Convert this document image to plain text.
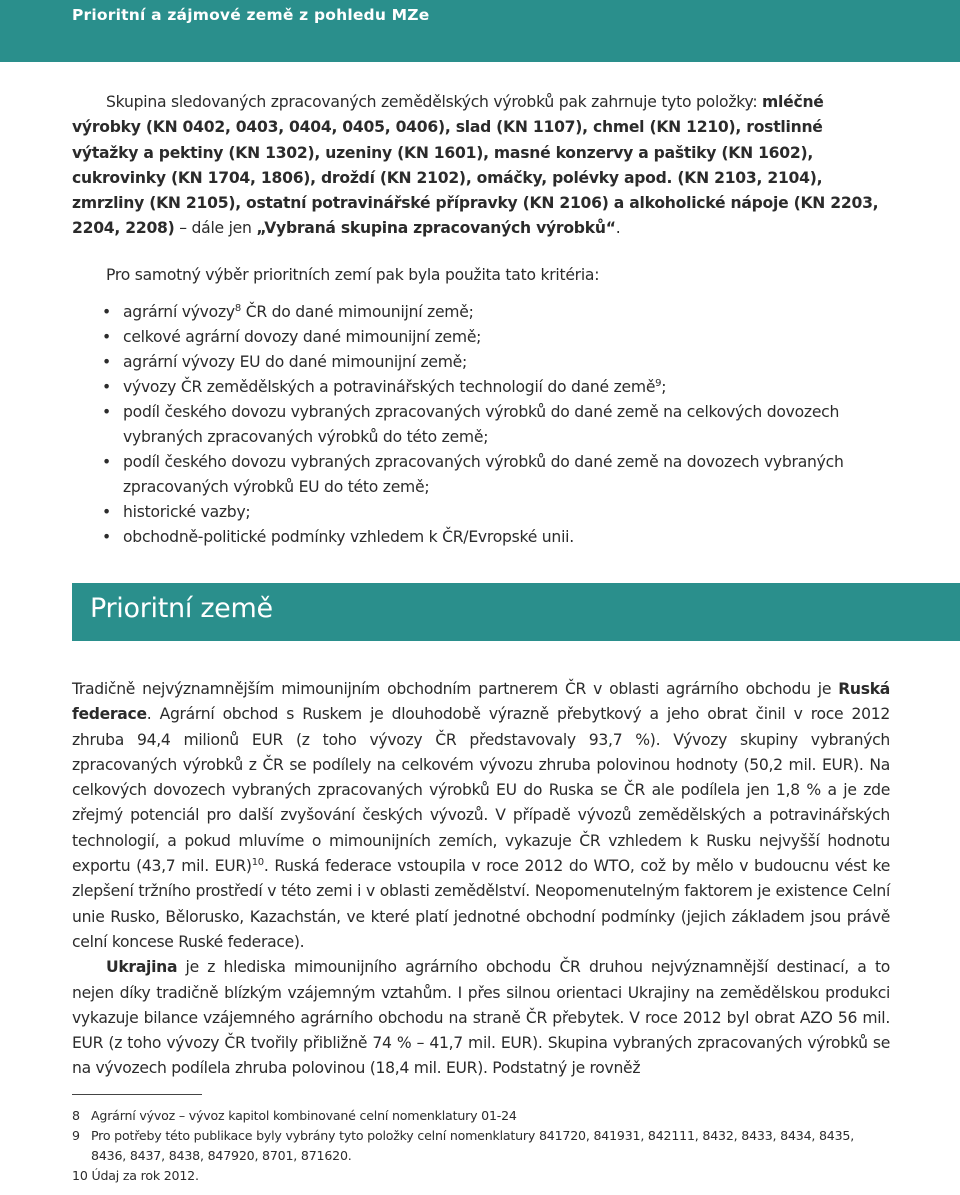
Prioritní a zájmové země z pohledu MZe

Skupina sledovaných zpracovaných zemědělských výrobků pak zahrnuje tyto položky: mléčné výrobky (KN 0402, 0403, 0404, 0405, 0406), slad (KN 1107), chmel (KN 1210), rostlinné výtažky a pektiny (KN 1302), uzeniny (KN 1601), masné konzervy a paštiky (KN 1602), cukrovinky (KN 1704, 1806), droždí (KN 2102), omáčky, polévky apod. (KN 2103, 2104), zmrzliny (KN 2105), ostatní potravinářské přípravky (KN 2106) a alkoholické nápoje (KN 2203, 2204, 2208) – dále jen „Vybraná skupina zpracovaných výrobků“.

Pro samotný výběr prioritních zemí pak byla použita tato kritéria:
• agrární vývozy$^8$ ČR do dané mimounijní země;
• celkové agrární dovozy dané mimounijní země;
• agrární vývozy EU do dané mimounijní země;
• vývozy ČR zemědělských a potravinářských technologií do dané země$^9$;
• podíl českého dovozu vybraných zpracovaných výrobků do dané země na celkových dovozech vybraných zpracovaných výrobků do této země;
• podíl českého dovozu vybraných zpracovaných výrobků do dané země na dovozech vybraných zpracovaných výrobků EU do této země;
• historické vazby;
• obchodně-politické podmínky vzhledem k ČR/Evropské unii.
Prioritní země

Tradičně nejvýznamnějším mimounijním obchodním partnerem ČR v oblasti agrárního obchodu je Ruská federace. Agrární obchod s Ruskem je dlouhodobě výrazně přebytkový a jeho obrat činil v roce 2012 zhruba 94,4 milionů EUR (z toho vývozy ČR představovaly 93,7 %). Vývozy skupiny vybraných zpracovaných výrobků z ČR se podílely na celkovém vývozu zhruba polovinou hodnoty (50,2 mil. EUR). Na celkových dovozech vybraných zpracovaných výrobků EU do Ruska se ČR ale podílela jen 1,8 % a je zde zřejmý potenciál pro další zvyšování českých vývozů. V případě vývozů zemědělských a potravinářských technologií, a pokud mluvíme o mimounijních zemích, vykazuje ČR vzhledem k Rusku nejvyšší hodnotu exportu (43,7 mil. EUR)$^{10}$. Ruská federace vstoupila v roce 2012 do WTO, což by mělo v budoucnu vést ke zlepšení tržního prostředí v této zemi i v oblasti zemědělství. Neopomenutelným faktorem je existence Celní unie Rusko, Bělorusko, Kazachstán, ve které platí jednotné obchodní podmínky (jejich základem jsou právě celní koncese Ruské federace).

Ukrajina je z hlediska mimounijního agrárního obchodu ČR druhou nejvýznamnější destinací, a to nejen díky tradičně blízkým vzájemným vztahům. I přes silnou orientaci Ukrajiny na zemědělskou produkci vykazuje bilance vzájemného agrárního obchodu na straně ČR přebytek. V roce 2012 byl obrat AZO 56 mil. EUR (z toho vývozy ČR tvořily přibližně 74 % – 41,7 mil. EUR). Skupina vybraných zpracovaných výrobků se na vývozech podílela zhruba polovinou (18,4 mil. EUR). Podstatný je rovněž

8 Agrární vývoz – vývoz kapitol kombinované celní nomenklatury 01-24
9 Pro potřeby této publikace byly vybrány tyto položky celní nomenklatury 841720, 841931, 842111, 8432, 8433, 8434, 8435, 8436, 8437, 8438, 847920, 8701, 871620.
10 Údaj za rok 2012.
